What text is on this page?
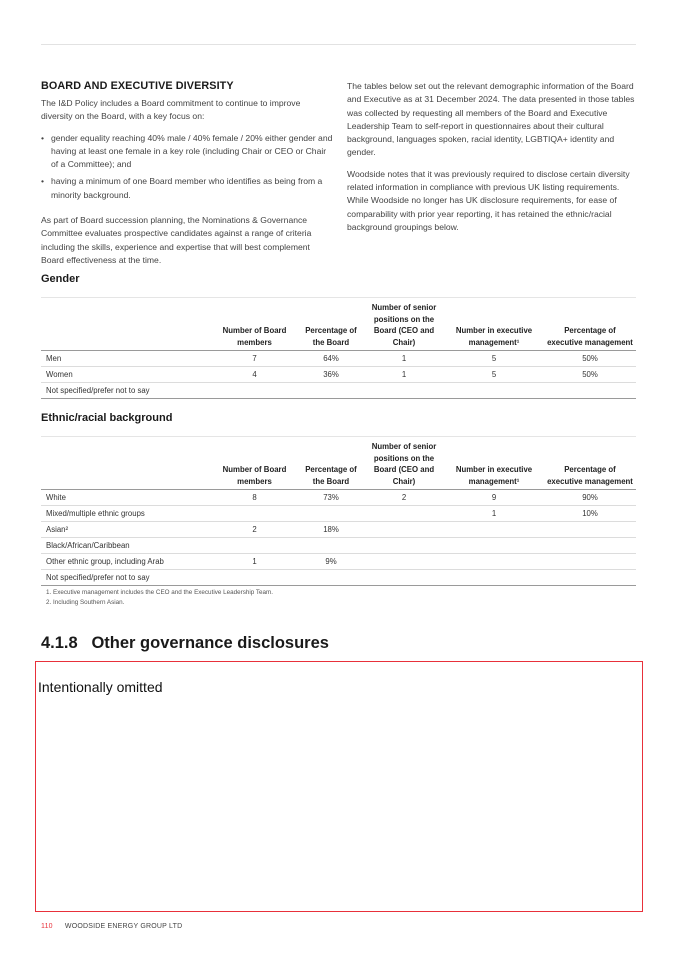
BOARD AND EXECUTIVE DIVERSITY

The I&D Policy includes a Board commitment to continue to improve diversity on the Board, with a key focus on:

• gender equality reaching 40% male / 40% female / 20% either gender and having at least one female in a key role (including Chair or CEO or Chair of a Committee); and
• having a minimum of one Board member who identifies as being from a minority background.

As part of Board succession planning, the Nominations & Governance Committee evaluates prospective candidates against a range of criteria including the skills, experience and expertise that will best complement Board effectiveness at the time.

The tables below set out the relevant demographic information of the Board and Executive as at 31 December 2024. The data presented in those tables was collected by requesting all members of the Board and Executive Leadership Team to self-report in questionnaires about their cultural background, languages spoken, racial identity, LGBTIQA+ identity and gender.

Woodside notes that it was previously required to disclose certain diversity related information in compliance with previous UK listing requirements. While Woodside no longer has UK disclosure requirements, for ease of comparability with prior year reporting, it has retained the ethnic/racial background groupings below.

Gender
	Number of Board members	Percentage of the Board	Number of senior positions on the Board (CEO and Chair)	Number in executive management¹	Percentage of executive management
Men	7	64%	1	5	50%
Women	4	36%	1	5	50%
Not specified/prefer not to say					
Ethnic/racial background
	Number of Board members	Percentage of the Board	Number of senior positions on the Board (CEO and Chair)	Number in executive management¹	Percentage of executive management
White	8	73%	2	9	90%
Mixed/multiple ethnic groups				1	10%
Asian²	2	18%			
Black/African/Caribbean					
Other ethnic group, including Arab	1	9%			
Not specified/prefer not to say					
1. Executive management includes the CEO and the Executive Leadership Team.
2. Including Southern Asian.
4.1.8   Other governance disclosures
Intentionally omitted
110 WOODSIDE ENERGY GROUP LTD
